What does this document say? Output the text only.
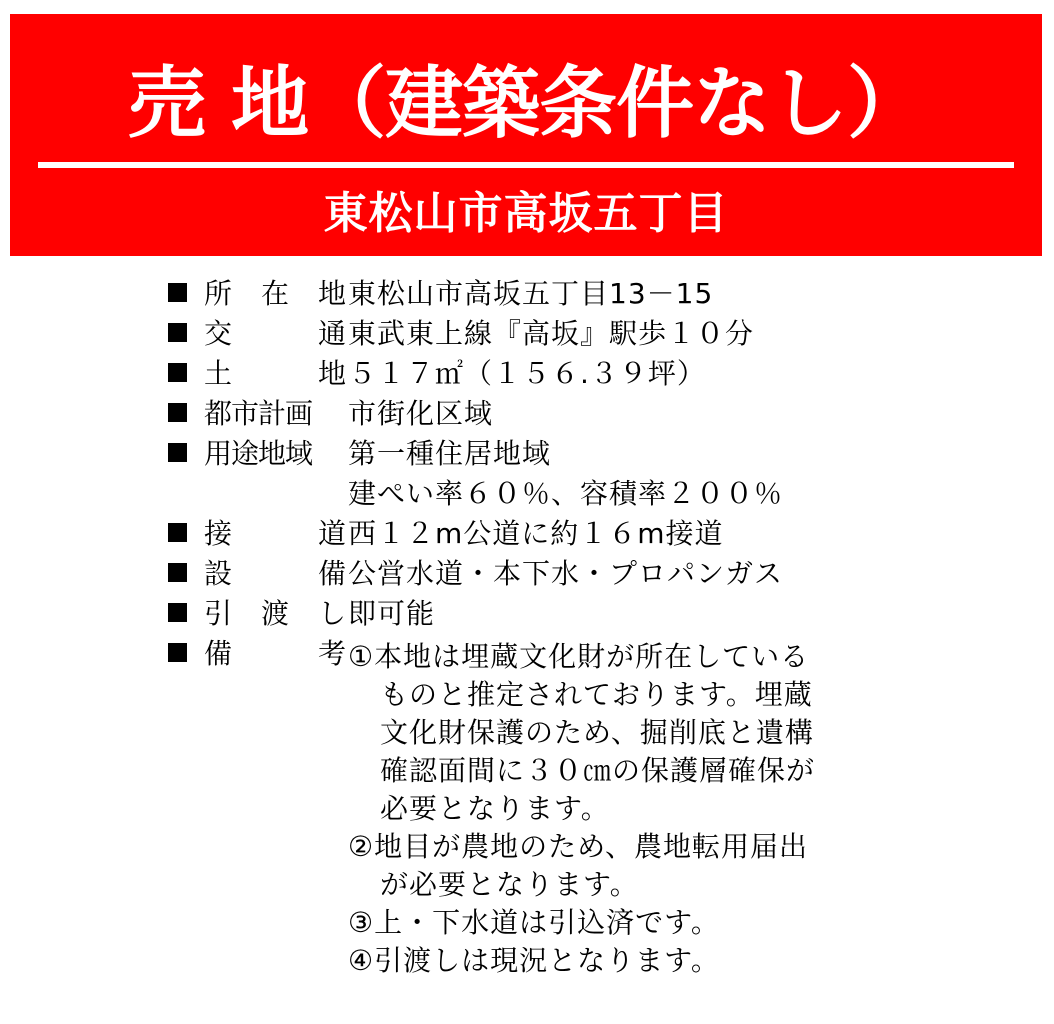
売 地（建築条件なし）
東松山市高坂五丁目
所 在 地 東松山市高坂五丁目13－15
交	通 東武東上線『高坂』駅歩１０分
土	地 ５１７㎡（１５６.３９坪）
都市計画 市街化区域
用途地域 第一種住居地域
建ぺい率６０％、容積率２００％
接	道 西１２m公道に約１６m接道
設	備 公営水道・本下水・プロパンガス
引 渡 し 即可能
備	考 ①本地は埋蔵文化財が所在している
ものと推定されております。埋蔵
文化財保護のため、掘削底と遺構
確認面間に３０㎝の保護層確保が
必要となります。
②地目が農地のため、農地転用届出
が必要となります。
③上・下水道は引込済です。
④引渡しは現況となります。
